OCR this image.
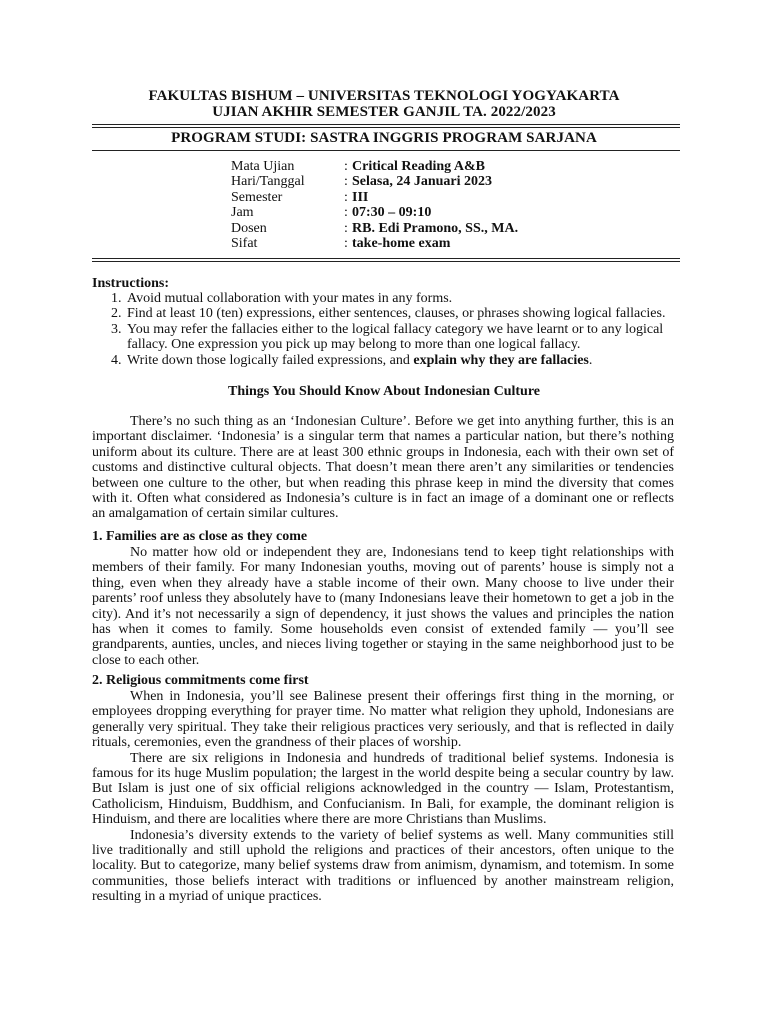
FAKULTAS BISHUM – UNIVERSITAS TEKNOLOGI YOGYAKARTA
UJIAN AKHIR SEMESTER GANJIL TA. 2022/2023
PROGRAM STUDI: SASTRA INGGRIS PROGRAM SARJANA
Mata Ujian	: Critical Reading A&B
Hari/Tanggal	: Selasa, 24 Januari 2023
Semester	: III
Jam	: 07:30 – 09:10
Dosen	: RB. Edi Pramono, SS., MA.
Sifat	: take-home exam
Instructions:
1. Avoid mutual collaboration with your mates in any forms.
2. Find at least 10 (ten) expressions, either sentences, clauses, or phrases showing logical fallacies.
3. You may refer the fallacies either to the logical fallacy category we have learnt or to any logical fallacy. One expression you pick up may belong to more than one logical fallacy.
4. Write down those logically failed expressions, and explain why they are fallacies.
Things You Should Know About Indonesian Culture

There’s no such thing as an ‘Indonesian Culture’. Before we get into anything further, this is an important disclaimer. ‘Indonesia’ is a singular term that names a particular nation, but there’s nothing uniform about its culture. There are at least 300 ethnic groups in Indonesia, each with their own set of customs and distinctive cultural objects. That doesn’t mean there aren’t any similarities or tendencies between one culture to the other, but when reading this phrase keep in mind the diversity that comes with it. Often what considered as Indonesia’s culture is in fact an image of a dominant one or reflects an amalgamation of certain similar cultures.

1. Families are as close as they come

No matter how old or independent they are, Indonesians tend to keep tight relationships with members of their family. For many Indonesian youths, moving out of parents’ house is simply not a thing, even when they already have a stable income of their own. Many choose to live under their parents’ roof unless they absolutely have to (many Indonesians leave their hometown to get a job in the city). And it’s not necessarily a sign of dependency, it just shows the values and principles the nation has when it comes to family. Some households even consist of extended family — you’ll see grandparents, aunties, uncles, and nieces living together or staying in the same neighborhood just to be close to each other.

2. Religious commitments come first

When in Indonesia, you’ll see Balinese present their offerings first thing in the morning, or employees dropping everything for prayer time. No matter what religion they uphold, Indonesians are generally very spiritual. They take their religious practices very seriously, and that is reflected in daily rituals, ceremonies, even the grandness of their places of worship.

There are six religions in Indonesia and hundreds of traditional belief systems. Indonesia is famous for its huge Muslim population; the largest in the world despite being a secular country by law. But Islam is just one of six official religions acknowledged in the country — Islam, Protestantism, Catholicism, Hinduism, Buddhism, and Confucianism. In Bali, for example, the dominant religion is Hinduism, and there are localities where there are more Christians than Muslims.

Indonesia’s diversity extends to the variety of belief systems as well. Many communities still live traditionally and still uphold the religions and practices of their ancestors, often unique to the locality. But to categorize, many belief systems draw from animism, dynamism, and totemism. In some communities, those beliefs interact with traditions or influenced by another mainstream religion, resulting in a myriad of unique practices.
